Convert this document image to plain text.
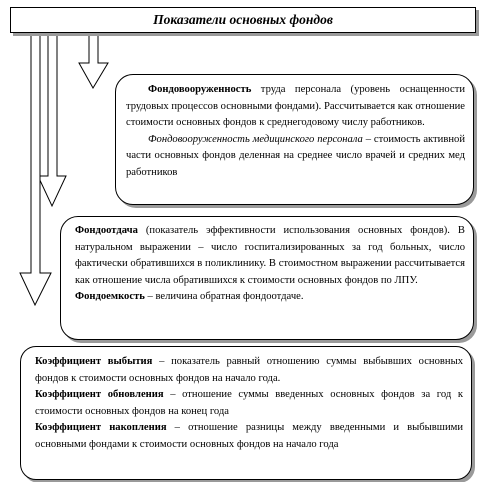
Показатели основных фондов

Фондовооруженность труда персонала (уровень оснащенности трудовых процессов основными фондами). Рассчитывается как отношение стоимости основных фондов к среднегодовому числу работников.

Фондовооруженность медицинского персонала – стоимость активной части основных фондов деленная на среднее число врачей и средних мед работников

Фондоотдача (показатель эффективности использования основных фондов). В натуральном выражении – число госпитализированных за год больных, число фактически обратившихся в поликлинику. В стоимостном выражении рассчитывается как отношение числа обратившихся к стоимости основных фондов по ЛПУ.

Фондоемкость – величина обратная фондоотдаче.

Коэффициент выбытия – показатель равный отношению суммы выбывших основных фондов к стоимости основных фондов на начало года.

Коэффициент обновления – отношение суммы введенных основных фондов за год к стоимости основных фондов на конец года

Коэффициент накопления – отношение разницы между введенными и выбывшими основными фондами к стоимости основных фондов на начало года
